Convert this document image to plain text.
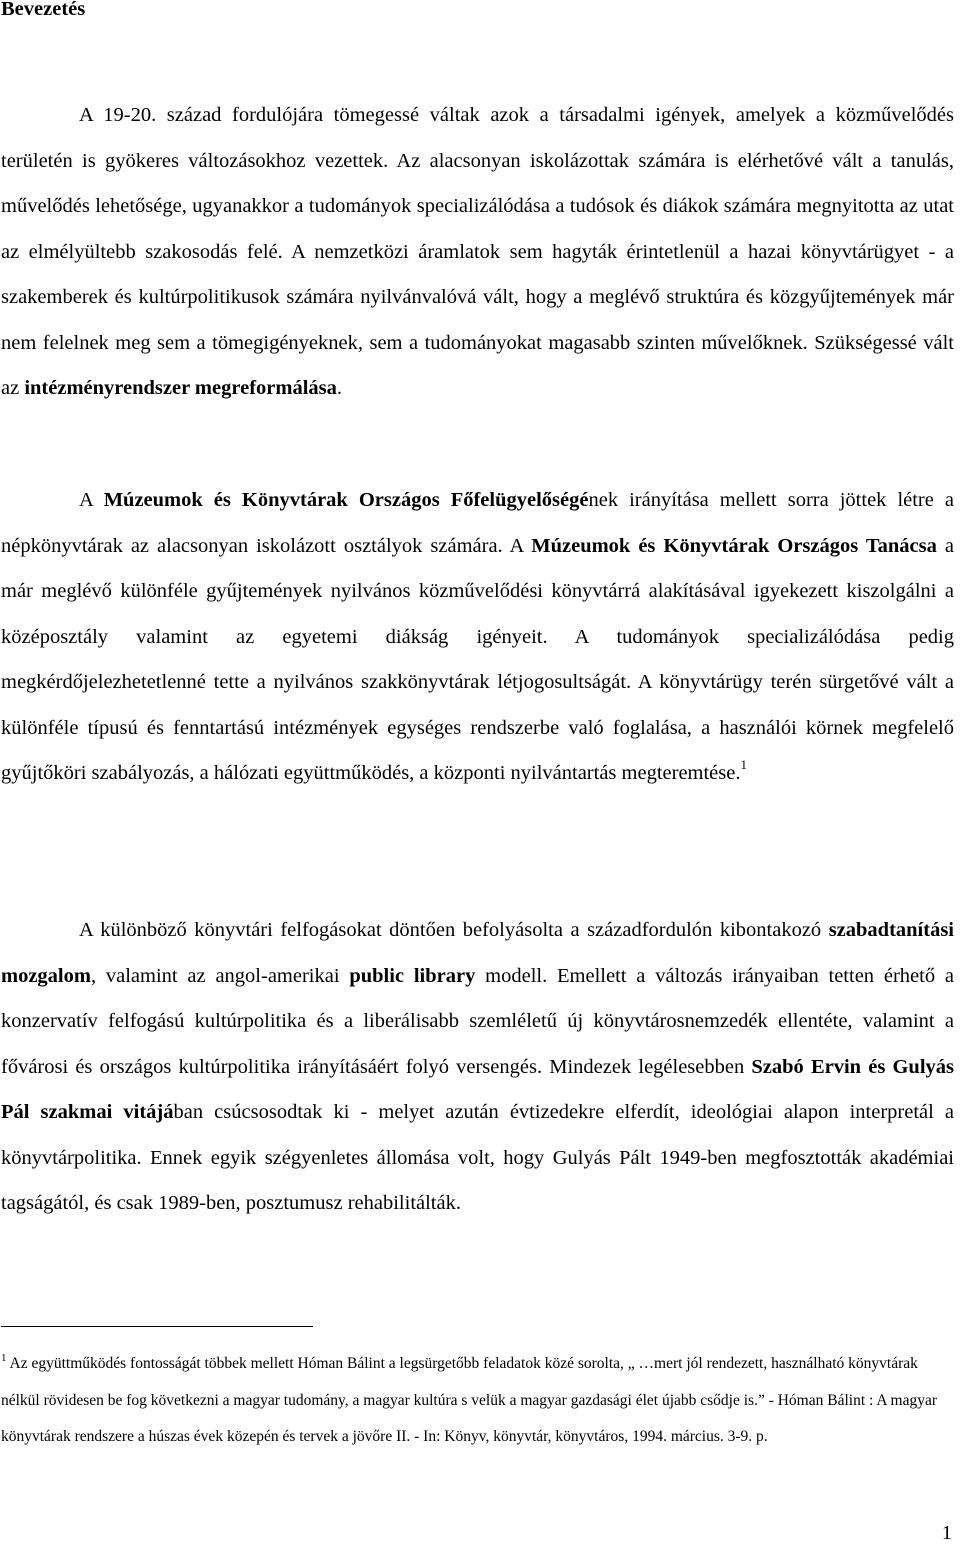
Bevezetés

A 19-20. század fordulójára tömegessé váltak azok a társadalmi igények, amelyek a közművelődés területén is gyökeres változásokhoz vezettek. Az alacsonyan iskolázottak számára is elérhetővé vált a tanulás, művelődés lehetősége, ugyanakkor a tudományok specializálódása a tudósok és diákok számára megnyitotta az utat az elmélyültebb szakosodás felé. A nemzetközi áramlatok sem hagyták érintetlenül a hazai könyvtárügyet - a szakemberek és kultúrpolitikusok számára nyilvánvalóvá vált, hogy a meglévő struktúra és közgyűjtemények már nem felelnek meg sem a tömegigényeknek, sem a tudományokat magasabb szinten művelőknek. Szükségessé vált az intézményrendszer megreformálása.

A Múzeumok és Könyvtárak Országos Főfelügyelőségének irányítása mellett sorra jöttek létre a népkönyvtárak az alacsonyan iskolázott osztályok számára. A Múzeumok és Könyvtárak Országos Tanácsa a már meglévő különféle gyűjtemények nyilvános közművelődési könyvtárrá alakításával igyekezett kiszolgálni a középosztály valamint az egyetemi diákság igényeit. A tudományok specializálódása pedig megkérdőjelezhetetlenné tette a nyilvános szakkönyvtárak létjogosultságát. A könyvtárügy terén sürgetővé vált a különféle típusú és fenntartású intézmények egységes rendszerbe való foglalása, a használói körnek megfelelő gyűjtőköri szabályozás, a hálózati együttműködés, a központi nyilvántartás megteremtése.$^1$

A különböző könyvtári felfogásokat döntően befolyásolta a századfordulón kibontakozó szabadtanítási mozgalom, valamint az angol-amerikai public library modell. Emellett a változás irányaiban tetten érhető a konzervatív felfogású kultúrpolitika és a liberálisabb szemléletű új könyvtárosnemzedék ellentéte, valamint a fővárosi és országos kultúrpolitika irányításáért folyó versengés. Mindezek legélesebben Szabó Ervin és Gulyás Pál szakmai vitájában csúcsosodtak ki - melyet azután évtizedekre elferdít, ideológiai alapon interpretál a könyvtárpolitika. Ennek egyik szégyenletes állomása volt, hogy Gulyás Pált 1949-ben megfosztották akadémiai tagságától, és csak 1989-ben, posztumusz rehabilitálták.

$^1$ Az együttműködés fontosságát többek mellett Hóman Bálint a legsürgetőbb feladatok közé sorolta, „ …mert jól rendezett, használható könyvtárak nélkül rövidesen be fog következni a magyar tudomány, a magyar kultúra s velük a magyar gazdasági élet újabb csődje is.” - Hóman Bálint : A magyar könyvtárak rendszere a húszas évek közepén és tervek a jövőre II. - In: Könyv, könyvtár, könyvtáros, 1994. március. 3-9. p.

1
